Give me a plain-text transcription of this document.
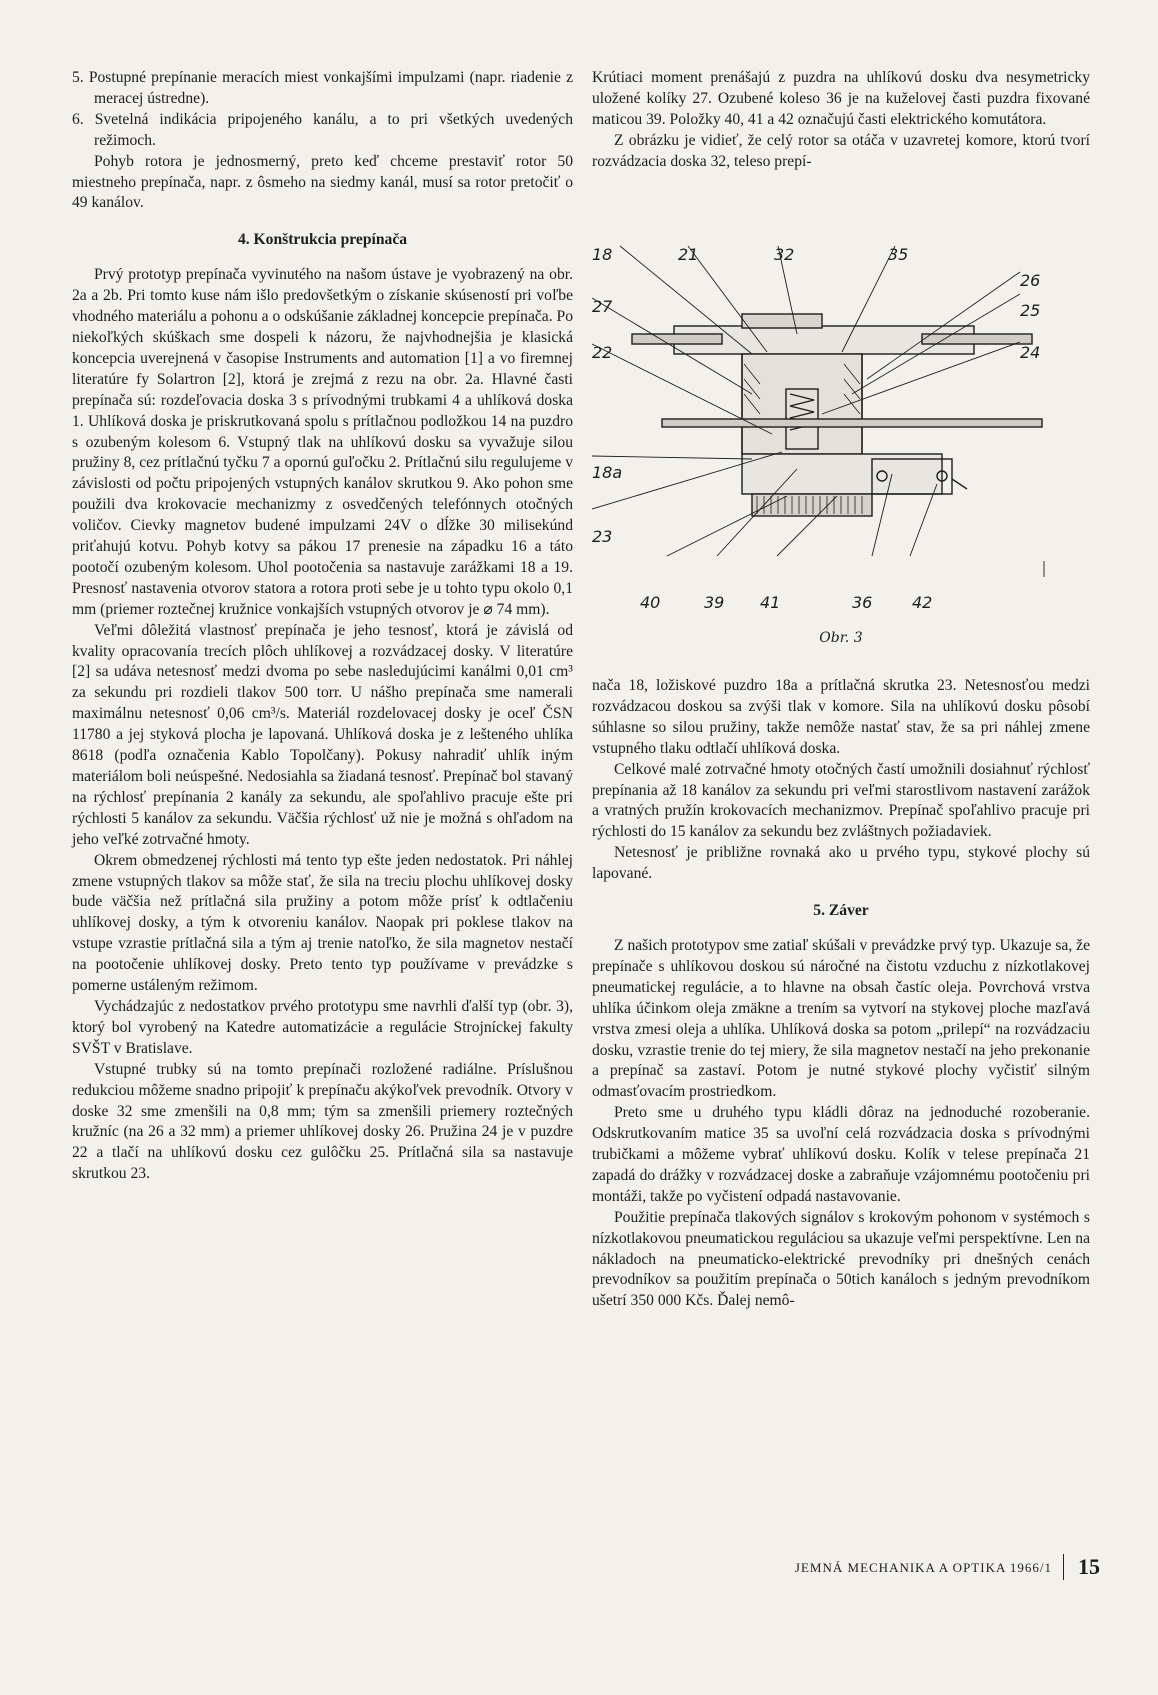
5. Postupné prepínanie meracích miest vonkajšími impulzami (napr. riadenie z meracej ústredne).

6. Svetelná indikácia pripojeného kanálu, a to pri všetkých uvedených režimoch.

Pohyb rotora je jednosmerný, preto keď chceme prestaviť rotor 50 miestneho prepínača, napr. z ôsmeho na siedmy kanál, musí sa rotor pretočiť o 49 kanálov.

4. Konštrukcia prepínača

Prvý prototyp prepínača vyvinutého na našom ústave je vyobrazený na obr. 2a a 2b. Pri tomto kuse nám išlo predovšetkým o získanie skúseností pri voľbe vhodného materiálu a pohonu a o odskúšanie základnej koncepcie prepínača. Po niekoľkých skúškach sme dospeli k názoru, že najvhodnejšia je klasická koncepcia uverejnená v časopise Instruments and automation [1] a vo firemnej literatúre fy Solartron [2], ktorá je zrejmá z rezu na obr. 2a. Hlavné časti prepínača sú: rozdeľovacia doska 3 s prívodnými trubkami 4 a uhlíková doska 1. Uhlíková doska je priskrutkovaná spolu s prítlačnou podložkou 14 na puzdro s ozubeným kolesom 6. Vstupný tlak na uhlíkovú dosku sa vyvažuje silou pružiny 8, cez prítlačnú tyčku 7 a opornú guľočku 2. Prítlačnú silu regulujeme v závislosti od počtu pripojených vstupných kanálov skrutkou 9. Ako pohon sme použili dva krokovacie mechanizmy z osvedčených telefónnych otočných voličov. Cievky magnetov budené impulzami 24V o dĺžke 30 milisekúnd priťahujú kotvu. Pohyb kotvy sa pákou 17 prenesie na západku 16 a táto pootočí ozubeným kolesom. Uhol pootočenia sa nastavuje zarážkami 18 a 19. Presnosť nastavenia otvorov statora a rotora proti sebe je u tohto typu okolo 0,1 mm (priemer roztečnej kružnice vonkajších vstupných otvorov je ⌀ 74 mm).

Veľmi dôležitá vlastnosť prepínača je jeho tesnosť, ktorá je závislá od kvality opracovanía trecích plôch uhlíkovej a rozvádzacej dosky. V literatúre [2] sa udáva netesnosť medzi dvoma po sebe nasledujúcimi kanálmi 0,01 cm³ za sekundu pri rozdieli tlakov 500 torr. U nášho prepínača sme namerali maximálnu netesnosť 0,06 cm³/s. Materiál rozdelovacej dosky je oceľ ČSN 11780 a jej styková plocha je lapovaná. Uhlíková doska je z lešteného uhlíka 8618 (podľa označenia Kablo Topolčany). Pokusy nahradiť uhlík iným materiálom boli neúspešné. Nedosiahla sa žiadaná tesnosť. Prepínač bol stavaný na rýchlosť prepínania 2 kanály za sekundu, ale spoľahlivo pracuje ešte pri rýchlosti 5 kanálov za sekundu. Väčšia rýchlosť už nie je možná s ohľadom na jeho veľké zotrvačné hmoty.

Okrem obmedzenej rýchlosti má tento typ ešte jeden nedostatok. Pri náhlej zmene vstupných tlakov sa môže stať, že sila na treciu plochu uhlíkovej dosky bude väčšia než prítlačná sila pružiny a potom môže prísť k odtlačeniu uhlíkovej dosky, a tým k otvoreniu kanálov. Naopak pri poklese tlakov na vstupe vzrastie prítlačná sila a tým aj trenie natoľko, že sila magnetov nestačí na pootočenie uhlíkovej dosky. Preto tento typ používame v prevádzke s pomerne ustáleným režimom.

Vychádzajúc z nedostatkov prvého prototypu sme navrhli ďalší typ (obr. 3), ktorý bol vyrobený na Katedre automatizácie a regulácie Strojníckej fakulty SVŠT v Bratislave.

Vstupné trubky sú na tomto prepínači rozložené radiálne. Príslušnou redukciou môžeme snadno pripojiť k prepínaču akýkoľvek prevodník. Otvory v doske 32 sme zmenšili na 0,8 mm; tým sa zmenšili priemery roztečných kružníc (na 26 a 32 mm) a priemer uhlíkovej dosky 26. Pružina 24 je v puzdre 22 a tlačí na uhlíkovú dosku cez gulôčku 25. Prítlačná sila sa nastavuje skrutkou 23.

Krútiaci moment prenášajú z puzdra na uhlíkovú dosku dva nesymetricky uložené kolíky 27. Ozubené koleso 36 je na kuželovej časti puzdra fixované maticou 39. Položky 40, 41 a 42 označujú časti elektrického komutátora.

Z obrázku je vidieť, že celý rotor sa otáča v uzavretej komore, ktorú tvorí rozvádzacia doska 32, teleso prepí-

18	21	32	35
26
25
24
27
22
18a
23
40	39 41	36 42
Obr. 3

nača 18, ložiskové puzdro 18a a prítlačná skrutka 23. Netesnosťou medzi rozvádzacou doskou sa zvýši tlak v komore. Sila na uhlíkovú dosku pôsobí súhlasne so silou pružiny, takže nemôže nastať stav, že sa pri náhlej zmene vstupného tlaku odtlačí uhlíková doska.

Celkové malé zotrvačné hmoty otočných častí umožnili dosiahnuť rýchlosť prepínania až 18 kanálov za sekundu pri veľmi starostlivom nastavení zarážok a vratných pružín krokovacích mechanizmov. Prepínač spoľahlivo pracuje pri rýchlosti do 15 kanálov za sekundu bez zvláštnych požiadaviek.

Netesnosť je približne rovnaká ako u prvého typu, stykové plochy sú lapované.

5. Záver

Z našich prototypov sme zatiaľ skúšali v prevádzke prvý typ. Ukazuje sa, že prepínače s uhlíkovou doskou sú náročné na čistotu vzduchu z nízkotlakovej pneumatickej regulácie, a to hlavne na obsah častíc oleja. Povrchová vrstva uhlíka účinkom oleja zmäkne a trením sa vytvorí na stykovej ploche mazľavá vrstva zmesi oleja a uhlíka. Uhlíková doska sa potom „prilepí“ na rozvádzaciu dosku, vzrastie trenie do tej miery, že sila magnetov nestačí na jeho prekonanie a prepínač sa zastaví. Potom je nutné stykové plochy vyčistiť silným odmasťovacím prostriedkom.

Preto sme u druhého typu kládli dôraz na jednoduché rozoberanie. Odskrutkovaním matice 35 sa uvoľní celá rozvádzacia doska s prívodnými trubičkami a môžeme vybrať uhlíkovú dosku. Kolík v telese prepínača 21 zapadá do drážky v rozvádzacej doske a zabraňuje vzájomnému pootočeniu pri montáži, takže po vyčistení odpadá nastavovanie.

Použitie prepínača tlakových signálov s krokovým pohonom v systémoch s nízkotlakovou pneumatickou reguláciou sa ukazuje veľmi perspektívne. Len na nákladoch na pneumaticko-elektrické prevodníky pri dnešných cenách prevodníkov sa použitím prepínača o 50tich kanáloch s jedným prevodníkom ušetrí 350 000 Kčs. Ďalej nemô-

JEMNÁ MECHANIKA A OPTIKA 1966/1 15
